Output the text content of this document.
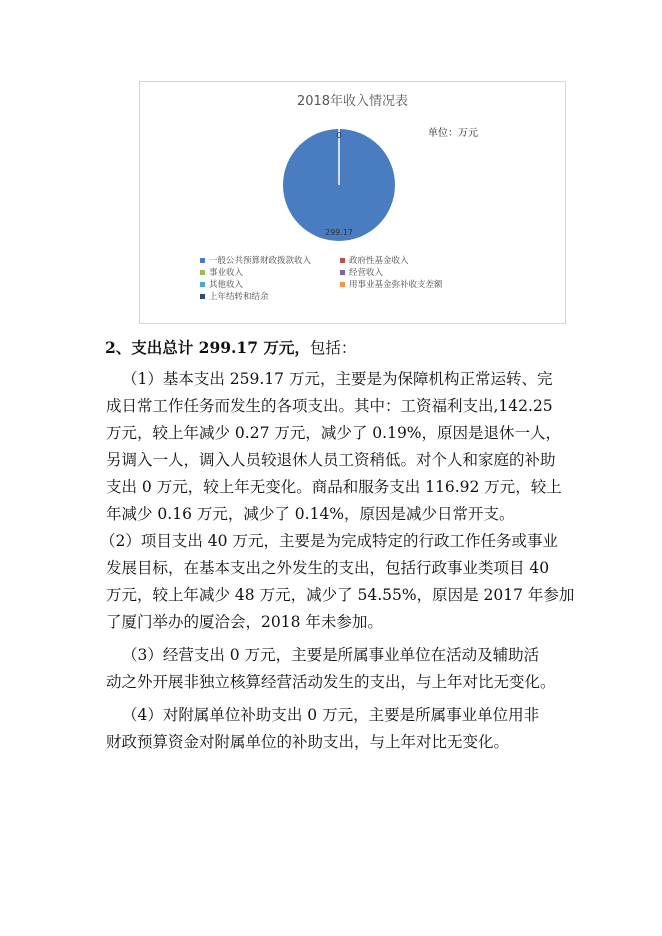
2018年收入情况表
单位：万元
299.17
0
一般公共预算财政拨款收入	政府性基金收入
事业收入	经营收入
其他收入	用事业基金弥补收支差额
上年结转和结余
2、支出总计 299.17 万元，包括：
（1）基本支出 259.17 万元，主要是为保障机构正常运转、完
成日常工作任务而发生的各项支出。其中：工资福利支出,142.25
万元，较上年减少 0.27 万元，减少了 0.19%，原因是退休一人，
另调入一人，调入人员较退休人员工资稍低。对个人和家庭的补助
支出 0 万元，较上年无变化。商品和服务支出 116.92 万元，较上
年减少 0.16 万元，减少了 0.14%，原因是减少日常开支。
（2）项目支出 40 万元，主要是为完成特定的行政工作任务或事业
发展目标，在基本支出之外发生的支出，包括行政事业类项目 40
万元，较上年减少 48 万元，减少了 54.55%，原因是 2017 年参加
了厦门举办的厦洽会，2018 年未参加。
（3）经营支出 0 万元，主要是所属事业单位在活动及辅助活
动之外开展非独立核算经营活动发生的支出，与上年对比无变化。
（4）对附属单位补助支出 0 万元，主要是所属事业单位用非
财政预算资金对附属单位的补助支出，与上年对比无变化。
